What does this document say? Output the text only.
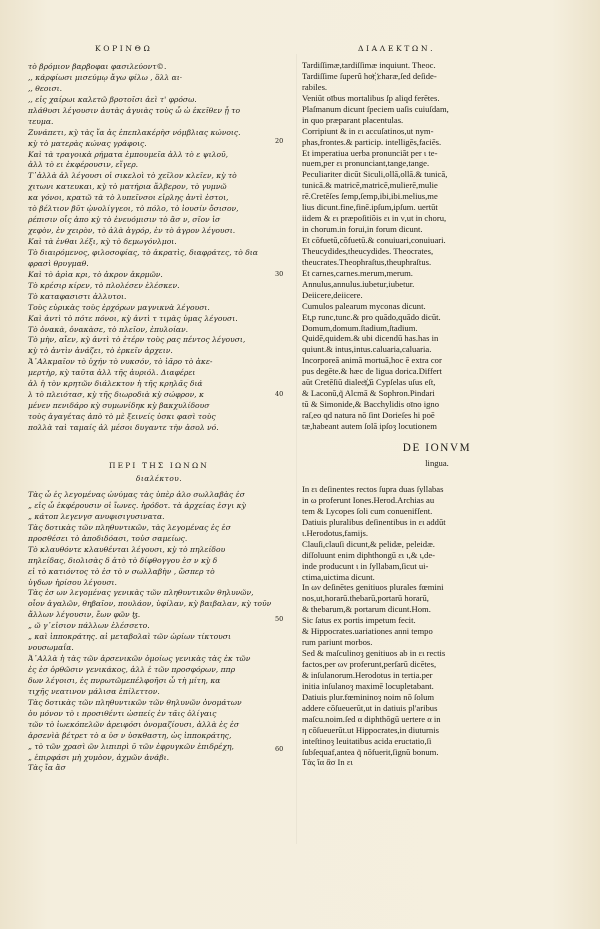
ΚΟΡΙΝΘΩ	ΔΙΑΛΕΚΤΩΝ.
τὸ βρόμιον βαρβοφαι φασιλεύοντ©.
,, κάρφίωσι μισεύμῳ ἄγω φίλω , ὅλλ αι·
,, θεοισι.
,, εἰς χαίρωι καλετῶ βροτοῖσι ἀεὶ τ' φρόσω.
πλάθυσι λέγουσιν ἀυτὰς ἀγυιὰς τοὺς ὦ ὡ ἐκεῖθεν ᾗ το
τευμα.
Ζυνάπετι, κỳ τὰς ἴα ἀς ἐπεπλακέρὴσ νόμβλιας κώνοις.
κỳ τὸ ματερὰς κώνας γράφοις.
Καὶ τὰ τραγοικὰ ρήματα ἐμπουμεῖα ἀλλ τὸ ε ψιλοῦ,
ἀλλ τὸ ει ἐκφέρουσιν, εἴγερ.
Τ᾽ἀλλὰ ἀλ λέγουσι οἱ σικελοὶ τὸ χεῖλον κλεῖεν, κỳ τὸ
χιτωνι κατευκαι, κỳ τὸ ματήρια ἄλβερον, τὸ γυμνῶ
κα γόνοι, κρατῶ τὰ τὸ λυπεῖνσοι εἰρλης ἀντὶ ἐστοι,
τὸ βέλτιον βῦτ ᾠνολίγγεοι, τὸ πόλο, τὸ ἰουσίν ὄσισον,
ρέπισιν οἷς ἀπο κỳ τὸ ἐνευόμισιν τὸ ἂσ ν, σῖον ἰσ
χεφὸν, ἐν χειρὸν, τὸ ἀλὰ ἀγρόρ, ἐν τὸ ἀγρον λέγουσι.
Καὶ τὰ ἐνθαι λέξι, κỳ τὸ δεμωγόνλμοι.
Τὸ διαιρόμενος, φιλοσοφίας, τὸ ἀκρατὶς, διαφράτες, τὸ δια
φρασὶ θρυγμαθ.
Καὶ τὸ ἀρὶα κρι, τὸ ἀκρον ἀκρμῶν.
Τὸ κρέσιρ κίρεν, τὸ πλολέσεν ἐλέσκεν.
Τὸ καταφασιστι ἀλλυτοι.
Τοὺς εὐρικὰς τοὺς ἐρχόρων μαγνικνὰ λέγουσι.
Καὶ ἀντὶ τὸ πότε πόνοι, κỳ ἀντὶ τ τιμὰς ὑμας λέγουσι.
Τὸ ὀνακὰ, ὀνακὰσε, τὸ πλεῖον, ἐπυλοίαν.
Τὸ μὴν, αἴεν, κỳ ἀντὶ τὸ ἑτέρν τοὺς ρας πέντος λέγουσι,
κỳ τὸ ἀντὶν ἀνάζει, τὸ ἐρκεῖν ἀρχειν.
Ἀ᾽Αλκμαῖον τὸ ὑχήν τὸ νυκσόν, τὸ ἰᾶρο τὸ ἀκε-
μερτὴρ, κỳ ταῦτα ἀλλ τῆς ἀυριόλ. Διαφέρει
ἀλ ἡ τὸν κρητῶν διάλεκτον ἡ τῆς κρηλᾶς διά
λ τὸ πλειότασ, κỳ τῆς διωροδιὰ κỳ σώφρον, κ
μένεν πενιδάρο κỳ συμωνίδηκ κỳ βακχυλίδουσ
τοὺς ἀγαγέτας ἀπὸ τὸ μὲ ξεινείς ὑσκι φασὶ τοὺς
πολλὰ ταὶ ταμαίς ἀλ μέσοι δυγαντε τὴν ἀσολ νό.
ΠΕΡΙ ΤΗΣ ΙΩΝΩΝ
διαλέκτου.
Τὰς ὦ ἐς λεγομένας ὠνύμας τὰς ὑπὲρ ἀλο σωλλαβὰς ἐσ
„ εἰς ὦ ἐκφέρουσιν οἱ ἴωνες. ἡρόδοτ. τὰ ἀρχείας ἐσγι κỳ
„ κάτοπ λεγενγσ ανυφισιγυσινατα.
Τὰς δοτικὰς τῶν πληθυντικῶν, τὰς λεγομένας ἐς ἐσ
προσθέσει τὸ ἀποδιδόασι, τοὐσ σαμείως.
Τὸ κλαυθόντε κλαυθένται λέγουσι, κỳ τὸ πηλείδου
πηλείδας, διολισὰς δ ἀτὸ τὸ δίφθογγου ἐσ ν κỳ δ
εἰ τὸ κατιόντος τὸ ἐσ τὸ ν σωλλαβὴν , ὥσπερ τὸ
ὑγδων ἠρίσου λέγουσι.
Τὰς ἐσ ων λεγομένας γενικὰς τῶν πληθυντικῶν θηλυνῶν,
οἷον ἀγαλῶν, θηβαῖον, πουλάον, ὑφίλαν, κỳ βαιβαλαν, κỳ τοῦν
ἄλλων λέγουσιν, ἔων φῶν ꜩ.
„ ῶ γ᾽εἰσιον πάλλων ἐλέσσετο.
„ καὶ ἱπποκράτης. αἱ μεταβολαὶ τῶν ὡρίων τίκτουσι
νουσωμαΐα.
Ἀ᾽Αλλὰ ἡ τὰς τῶν ἀρσενικῶν ὁμοίως γενικὰς τὰς ἐκ τῶν
ἐς ἐσ ὀρθῶσιν γενικάκος, ἀλλ ἐ τῶν προσφόρων, ππρ
δων λέγοισι, ἐς πνρωτῶμεπέλφοῆσι ὦ τὴ μίτη, κα
τιχῆς νεατινον μάλισα ἐπίλεττον.
Τὰς δοτικὰς τῶν πληθυντικῶν τῶν θηλυνῶν ὀνομάτων
ὁυ μόνον τὸ ι προσιθέντι ὡσπείς ἐν τᾶις ὀλίγαις
τῶν τὸ ἰωεκόπελῶν ἀρειφόσι ὀνομαζίουσι, ἀλλὰ ἐς ἐσ
ἀρσενὶὰ βέτρετ τὸ α ὑσ ν ὑσκθαστη, ὡς ἱπποκράτης,
„ τὸ τῶν χρασὶ ῶν λιπιπρὶ ῦ τῶν ἐφρυγκῶν ἐπιδρέχη,
„ ἐπιρφάσι μὴ χυμὸον, ἀχμῶν ἀνάβι.
Τὰς ἴα ἂσ
Tardiſſimæ,tardiſſimæ inquiunt. Theoc.
Tardiſſime ſuperû hor҉ charæ,ſed deſide-
rabiles.
Veniūt oībus mortalibus ſp aliqd ferētes.
Plaſmanum dicunt ſpeciem uaſis cuiuſdam,
in quo præparant placentulas.
Corripiunt & in ει accuſatinos,ut nym-
phas,frontes.& particip. intelligēs,faciēs.
Et imperatiua uerba pronunciāt per ι te-
nuem,per ει pronunciant,tange,tange.
Peculiariter dicūt Siculi,ollā,ollā.& tunicā,
tunicā.& matricē,matricē,mulierē,mulie
rē.Cretēſes ſemp,ſemp,ibi,ibi.melius,me
lius dicunt.fine,finē.ipſum,ipſum. uertūt
iidem & ει præpoſitiōis ει in ν,ut in choru,
in chorum.in forui,in forum dicunt.
Et cōfuetū,cōfuetū.& conuiuari,conuiuari.
Theucydides,theucydides. Theocrates,
theucrates.Theophraſtus,theuphraſtus.
Et carnes,carnes.merum,merum.
Annulus,annulus.iubetur,iubetur.
Deiicere,deiicere.
Cumulos palearum myconas dicunt.
Et,p runc,tunc.& pro quādo,quādo dicūt.
Domum,domum.ſtadium,ſtadium.
Quidē,quidem.& ubi dicendū has.has in
quiunt.& intus,intus.caluaria,caluaria.
Incorporeā animā mortuā,hoc ē extra cor
pus degēte.& hæc de ligua dorica.Differt
aūt Cretēſiū dialect҉,ū Cypſelas uſus eſt,
& Laconū,q̃ Alcmā & Sophron.Pindari
tū & Simonide,& Bacchylidis oīno igno
raſ,eo qd natura nō ſint Dorieſes hi poē
tæ,habeant autem ſolā ipſoȝ locutionem
DE IONVM
lingua.
In ει deſinentes rectos ſupra duas ſyllabas
in ω proferunt Iones.Herod.Archias au
tem & Lycopes ſoli cum conuenifſent.
Datiuis pluralibus deſinentibus in ει addūt
ι.Herodotus,famijs.
Clauſi,clauſi dicunt,& pelidæ, peleidæ.
diſſoluunt enim diphthongū ει ι,& ι,de-
inde producunt ι in ſyllabam,ſicut ui-
ctima,uictima dicunt.
In ων deſinētes genitiuos plurales fœmini
nos,ut,horarū.thebarū,portarū horarū,
& thebarum,& portarum dicunt.Hom.
Sic ſatus ex portis impetum fecit.
& Hippocrates.uariationes anni tempo
rum pariunt morbos.
Sed & maſculinoȝ genitiuos ab in ει rectis
factos,per ων proferunt,perſarū dicētes,
& inſulanorum.Herodotus in tertia.per
initia inſulanoȝ maximē locupletabant.
Datiuis plur.fœmininoȝ noim nō ſolum
addere cōſueuerūt,ut in datiuis pl'aribus
maſcu.noim.ſed α diphthōgū uertere α in
η cōſueuerūt.ut Hippocrates,in diuturnis
inteſtinoȝ leuitatibus acida eructatio,ſi
ſubſequaf,antea q̃ nōfuerit,ſignū bonum.
Tὰς ἴα ἂσ In ει
20
30
40
50
60
